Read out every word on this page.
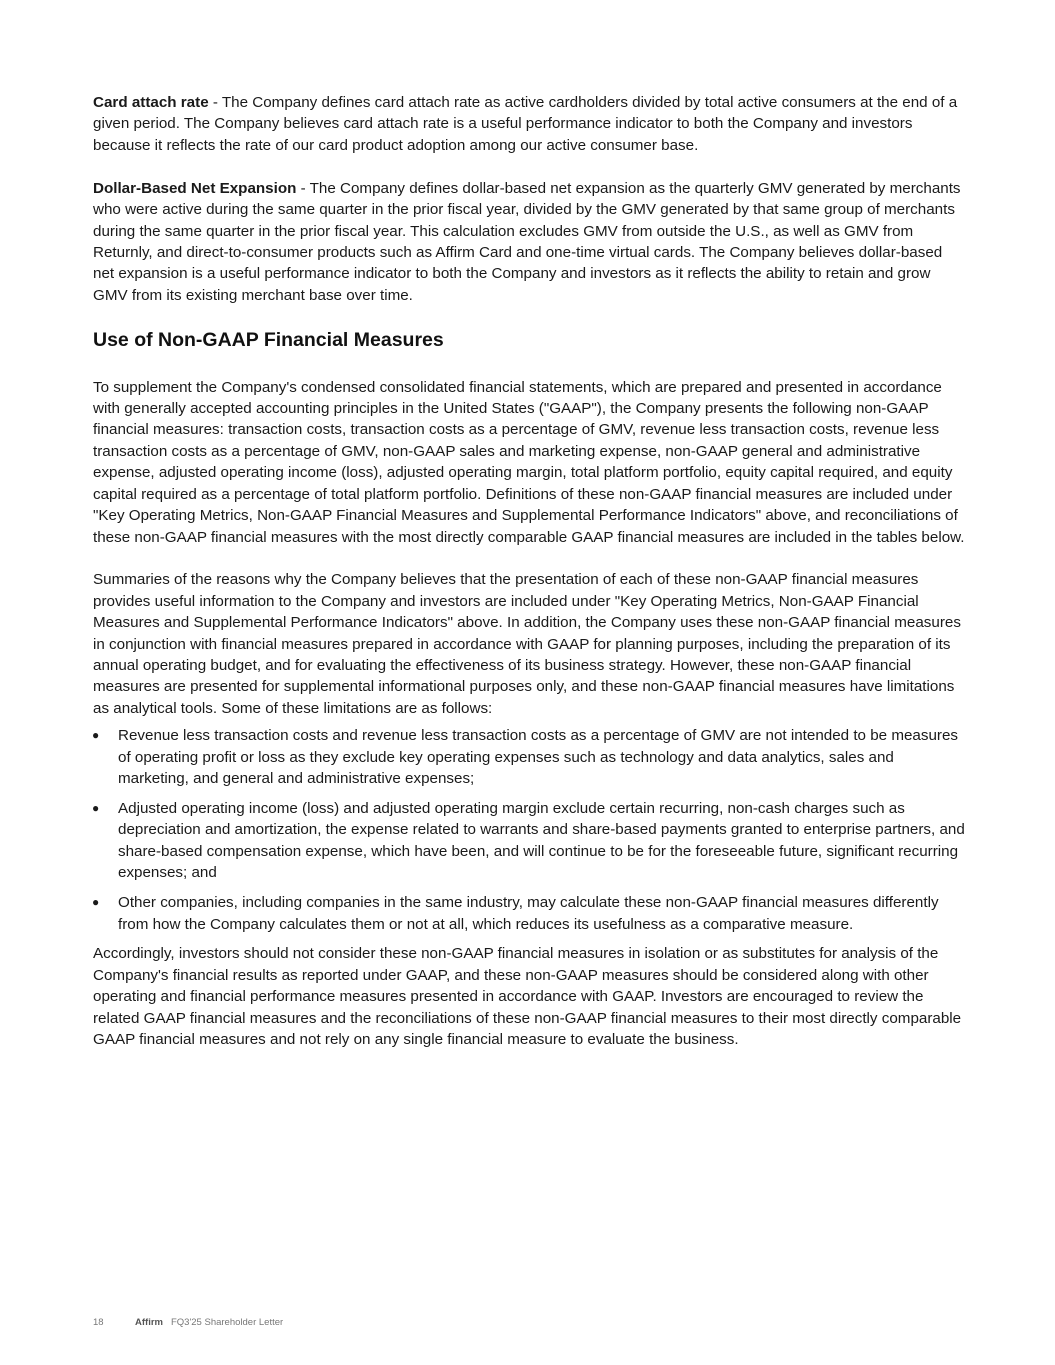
Card attach rate - The Company defines card attach rate as active cardholders divided by total active consumers at the end of a given period. The Company believes card attach rate is a useful performance indicator to both the Company and investors because it reflects the rate of our card product adoption among our active consumer base.

Dollar-Based Net Expansion - The Company defines dollar-based net expansion as the quarterly GMV generated by merchants who were active during the same quarter in the prior fiscal year, divided by the GMV generated by that same group of merchants during the same quarter in the prior fiscal year. This calculation excludes GMV from outside the U.S., as well as GMV from Returnly, and direct-to-consumer products such as Affirm Card and one-time virtual cards. The Company believes dollar-based net expansion is a useful performance indicator to both the Company and investors as it reflects the ability to retain and grow GMV from its existing merchant base over time.

Use of Non-GAAP Financial Measures

To supplement the Company's condensed consolidated financial statements, which are prepared and presented in accordance with generally accepted accounting principles in the United States ("GAAP"), the Company presents the following non-GAAP financial measures: transaction costs, transaction costs as a percentage of GMV, revenue less transaction costs, revenue less transaction costs as a percentage of GMV, non-GAAP sales and marketing expense, non-GAAP general and administrative expense, adjusted operating income (loss), adjusted operating margin, total platform portfolio, equity capital required, and equity capital required as a percentage of total platform portfolio. Definitions of these non-GAAP financial measures are included under "Key Operating Metrics, Non-GAAP Financial Measures and Supplemental Performance Indicators" above, and reconciliations of these non-GAAP financial measures with the most directly comparable GAAP financial measures are included in the tables below.

Summaries of the reasons why the Company believes that the presentation of each of these non-GAAP financial measures provides useful information to the Company and investors are included under "Key Operating Metrics, Non-GAAP Financial Measures and Supplemental Performance Indicators" above. In addition, the Company uses these non-GAAP financial measures in conjunction with financial measures prepared in accordance with GAAP for planning purposes, including the preparation of its annual operating budget, and for evaluating the effectiveness of its business strategy. However, these non-GAAP financial measures are presented for supplemental informational purposes only, and these non-GAAP financial measures have limitations as analytical tools. Some of these limitations are as follows:

● Revenue less transaction costs and revenue less transaction costs as a percentage of GMV are not intended to be measures of operating profit or loss as they exclude key operating expenses such as technology and data analytics, sales and marketing, and general and administrative expenses;
● Adjusted operating income (loss) and adjusted operating margin exclude certain recurring, non-cash charges such as depreciation and amortization, the expense related to warrants and share-based payments granted to enterprise partners, and share-based compensation expense, which have been, and will continue to be for the foreseeable future, significant recurring expenses; and
● Other companies, including companies in the same industry, may calculate these non-GAAP financial measures differently from how the Company calculates them or not at all, which reduces its usefulness as a comparative measure.

Accordingly, investors should not consider these non-GAAP financial measures in isolation or as substitutes for analysis of the Company's financial results as reported under GAAP, and these non-GAAP measures should be considered along with other operating and financial performance measures presented in accordance with GAAP. Investors are encouraged to review the related GAAP financial measures and the reconciliations of these non-GAAP financial measures to their most directly comparable GAAP financial measures and not rely on any single financial measure to evaluate the business.

18	Affirm FQ3'25 Shareholder Letter
